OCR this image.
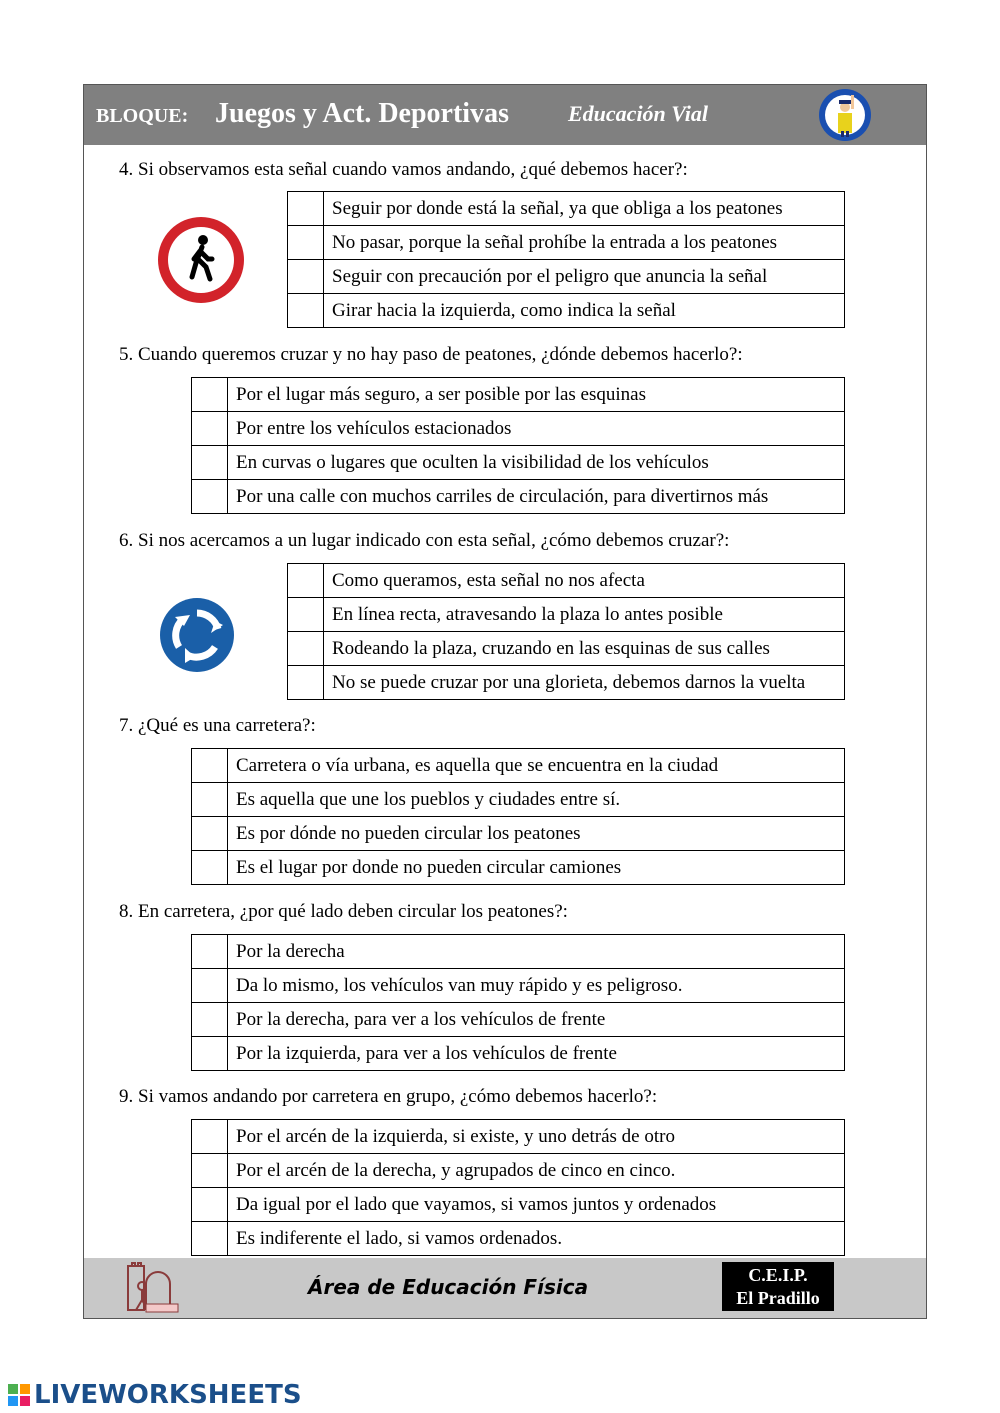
BLOQUE: Juegos y Act. Deportivas	Educación Vial
4. Si observamos esta señal cuando vamos andando, ¿qué debemos hacer?:
	Seguir por donde está la señal, ya que obliga a los peatones
	No pasar, porque la señal prohíbe la entrada a los peatones
	Seguir con precaución por el peligro que anuncia la señal
	Girar hacia la izquierda, como indica la señal
5. Cuando queremos cruzar y no hay paso de peatones, ¿dónde debemos hacerlo?:
	Por el lugar más seguro, a ser posible por las esquinas
	Por entre los vehículos estacionados
	En curvas o lugares que oculten la visibilidad de los vehículos
	Por una calle con muchos carriles de circulación, para divertirnos más
6. Si nos acercamos a un lugar indicado con esta señal, ¿cómo debemos cruzar?:
	Como queramos, esta señal no nos afecta
	En línea recta, atravesando la plaza lo antes posible
	Rodeando la plaza, cruzando en las esquinas de sus calles
	No se puede cruzar por una glorieta, debemos darnos la vuelta
7. ¿Qué es una carretera?:
	Carretera o vía urbana, es aquella que se encuentra en la ciudad
	Es aquella que une los pueblos y ciudades entre sí.
	Es por dónde no pueden circular los peatones
	Es el lugar por donde no pueden circular camiones
8. En carretera, ¿por qué lado deben circular los peatones?:
	Por la derecha
	Da lo mismo, los vehículos van muy rápido y es peligroso.
	Por la derecha, para ver a los vehículos de frente
	Por la izquierda, para ver a los vehículos de frente
9. Si vamos andando por carretera en grupo, ¿cómo debemos hacerlo?:
	Por el arcén de la izquierda, si existe, y uno detrás de otro
	Por el arcén de la derecha, y agrupados de cinco en cinco.
	Da igual por el lado que vayamos, si vamos juntos y ordenados
	Es indiferente el lado, si vamos ordenados.
Área de Educación Física	C.E.I.P.
El Pradillo
LIVEWORKSHEETS
